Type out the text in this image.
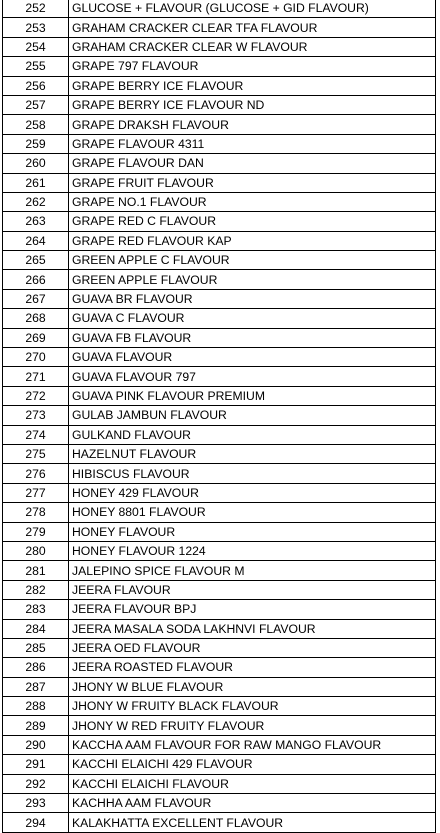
252	GLUCOSE + FLAVOUR (GLUCOSE + GID FLAVOUR)
253	GRAHAM CRACKER CLEAR TFA FLAVOUR
254	GRAHAM CRACKER CLEAR W FLAVOUR
255	GRAPE 797 FLAVOUR
256	GRAPE BERRY ICE FLAVOUR
257	GRAPE BERRY ICE FLAVOUR ND
258	GRAPE DRAKSH FLAVOUR
259	GRAPE FLAVOUR 4311
260	GRAPE FLAVOUR DAN
261	GRAPE FRUIT FLAVOUR
262	GRAPE NO.1 FLAVOUR
263	GRAPE RED C FLAVOUR
264	GRAPE RED FLAVOUR KAP
265	GREEN APPLE C FLAVOUR
266	GREEN APPLE FLAVOUR
267	GUAVA BR FLAVOUR
268	GUAVA C FLAVOUR
269	GUAVA FB FLAVOUR
270	GUAVA FLAVOUR
271	GUAVA FLAVOUR 797
272	GUAVA PINK FLAVOUR PREMIUM
273	GULAB JAMBUN FLAVOUR
274	GULKAND FLAVOUR
275	HAZELNUT FLAVOUR
276	HIBISCUS FLAVOUR
277	HONEY 429 FLAVOUR
278	HONEY 8801 FLAVOUR
279	HONEY FLAVOUR
280	HONEY FLAVOUR 1224
281	JALEPINO SPICE FLAVOUR M
282	JEERA FLAVOUR
283	JEERA FLAVOUR BPJ
284	JEERA MASALA SODA LAKHNVI FLAVOUR
285	JEERA OED FLAVOUR
286	JEERA ROASTED FLAVOUR
287	JHONY W BLUE FLAVOUR
288	JHONY W FRUITY BLACK FLAVOUR
289	JHONY W RED FRUITY FLAVOUR
290	KACCHA AAM FLAVOUR FOR RAW MANGO FLAVOUR
291	KACCHI ELAICHI 429 FLAVOUR
292	KACCHI ELAICHI FLAVOUR
293	KACHHA AAM FLAVOUR
294	KALAKHATTA EXCELLENT FLAVOUR
